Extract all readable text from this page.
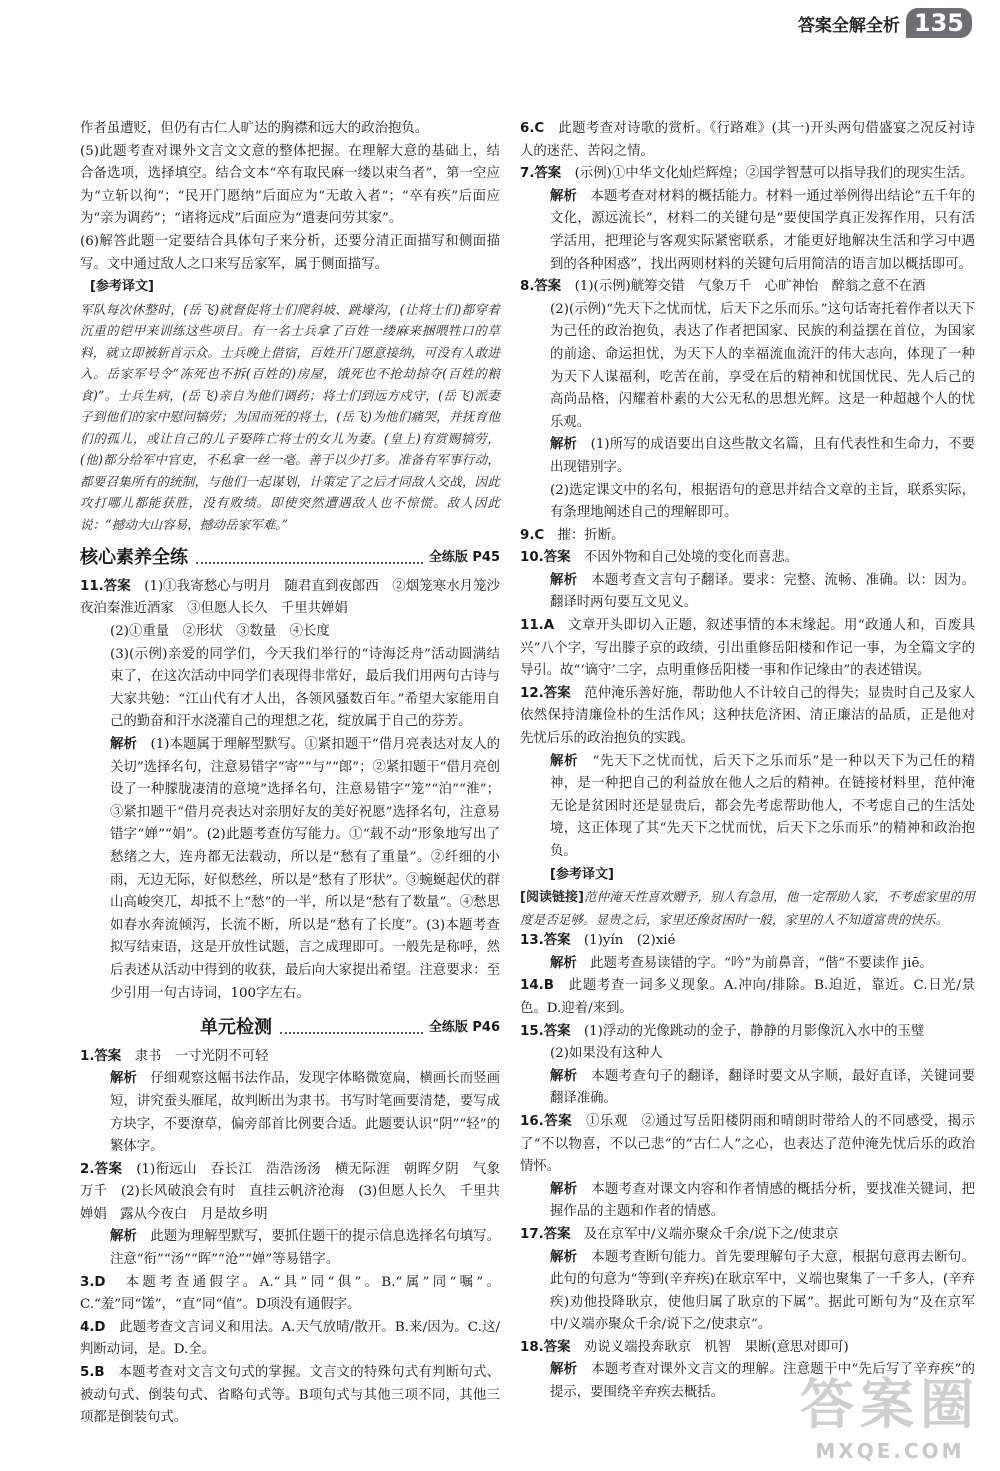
答案全解全析 135

作者虽遭贬，但仍有古仁人旷达的胸襟和远大的政治抱负。

(5)此题考查对课外文言文文意的整体把握。在理解大意的基础上，结合备选项，选择填空。结合文本“卒有取民麻一缕以束刍者”，第一空应为“立斩以徇”；“民开门愿纳”后面应为“无敢入者”；“卒有疾”后面应为“亲为调药”；“诸将远戍”后面应为“遣妻问劳其家”。

(6)解答此题一定要结合具体句子来分析，还要分清正面描写和侧面描写。文中通过敌人之口来写岳家军，属于侧面描写。

[参考译文]

军队每次休整时，(岳飞)就督促将士们爬斜坡、跳壕沟，(让将士们)都穿着沉重的铠甲来训练这些项目。有一名士兵拿了百姓一缕麻来捆喂牲口的草料，就立即被斩首示众。士兵晚上借宿，百姓开门愿意接纳，可没有人敢进入。岳家军号令“冻死也不拆(百姓的)房屋，饿死也不抢劫掠夺(百姓的粮食)”。士兵生病，(岳飞)亲自为他们调药；将士们到远方戍守，(岳飞)派妻子到他们的家中慰问犒劳；为国而死的将士，(岳飞)为他们痛哭，并抚育他们的孤儿，或让自己的儿子娶阵亡将士的女儿为妻。(皇上)有赏赐犒劳，(他)都分给军中官吏，不私拿一丝一毫。善于以少打多。准备有军事行动，都要召集所有的统制，与他们一起谋划，计策定了之后才同敌人交战，因此攻打哪儿都能获胜，没有败绩。即使突然遭遇敌人也不惊慌。敌人因此说：“撼动大山容易，撼动岳家军难。”

核心素养全练	全练版 P45

11.答案　 (1)①我寄愁心与明月　随君直到夜郎西　②烟笼寒水月笼沙　夜泊秦淮近酒家　③但愿人长久　千里共婵娟

(2)①重量　②形状　③数量　④长度

(3)(示例)亲爱的同学们，今天我们举行的“诗海泛舟”活动圆满结束了，在这次活动中同学们表现得非常好，最后我们用两句古诗与大家共勉：“江山代有才人出，各领风骚数百年。”希望大家能用自己的勤奋和汗水浇灌自己的理想之花，绽放属于自己的芬芳。

解析　 (1)本题属于理解型默写。①紧扣题干“借月亮表达对友人的关切”选择名句，注意易错字“寄”“与”“郎”；②紧扣题干“借月亮创设了一种朦胧凄清的意境”选择名句，注意易错字“笼”“泊”“淮”；③紧扣题干“借月亮表达对亲朋好友的美好祝愿”选择名句，注意易错字“婵”“娟”。(2)此题考查仿写能力。①“载不动”形象地写出了愁绪之大，连舟都无法载动，所以是“愁有了重量”。②纤细的小雨，无边无际，好似愁丝，所以是“愁有了形状”。③蜿蜒起伏的群山高峻突兀，却抵不上“愁”的一半，所以是“愁有了数量”。④愁思如春水奔流倾泻，长流不断，所以是“愁有了长度”。(3)本题考查拟写结束语，这是开放性试题，言之成理即可。一般先是称呼，然后表述从活动中得到的收获，最后向大家提出希望。注意要求：至少引用一句古诗词，100字左右。

单元检测	全练版 P46

1.答案　 隶书　一寸光阴不可轻

解析　 仔细观察这幅书法作品，发现字体略微宽扁，横画长而竖画短，讲究蚕头雁尾，故判断出为隶书。书写时笔画要清楚，要写成方块字，不要潦草，偏旁部首比例要合适。此题要认识“阴”“轻”的繁体字。

2.答案　 (1)衔远山　吞长江　浩浩汤汤　横无际涯　朝晖夕阴　气象万千　(2)长风破浪会有时　直挂云帆济沧海　(3)但愿人长久　千里共婵娟　露从今夜白　月是故乡明

解析　 此题为理解型默写，要抓住题干的提示信息选择名句填写。注意“衔”“汤”“晖”“沧”“婵”等易错字。

3.D　 本题考查通假字。A.“具”同“俱”。B.“属”同“嘱”。C.“羞”同“馐”，“直”同“值”。D项没有通假字。

4.D　 此题考查文言词义和用法。A.天气放晴/散开。B.来/因为。C.这/判断动词，是。D.全。

5.B　 本题考查对文言文句式的掌握。文言文的特殊句式有判断句式、被动句式、倒装句式、省略句式等。B项句式与其他三项不同，其他三项都是倒装句式。

6.C　 此题考查对诗歌的赏析。《行路难》(其一)开头两句借盛宴之况反衬诗人的迷茫、苦闷之情。

7.答案　 (示例)①中华文化灿烂辉煌；②国学智慧可以指导我们的现实生活。

解析　 本题考查对材料的概括能力。材料一通过举例得出结论“五千年的文化，源远流长”，材料二的关键句是“要使国学真正发挥作用，只有活学活用，把理论与客观实际紧密联系，才能更好地解决生活和学习中遇到的各种困惑”，找出两则材料的关键句后用简洁的语言加以概括即可。

8.答案　 (1)(示例)觥筹交错　气象万千　心旷神怡　醉翁之意不在酒

(2)(示例)“先天下之忧而忧，后天下之乐而乐。”这句话寄托着作者以天下为己任的政治抱负，表达了作者把国家、民族的利益摆在首位，为国家的前途、命运担忧，为天下人的幸福流血流汗的伟大志向，体现了一种为天下人谋福利，吃苦在前，享受在后的精神和忧国忧民、先人后己的高尚品格，闪耀着朴素的大公无私的思想光辉。这是一种超越个人的忧乐观。

解析　 (1)所写的成语要出自这些散文名篇，且有代表性和生命力，不要出现错别字。

(2)选定课文中的名句，根据语句的意思并结合文章的主旨，联系实际，有条理地阐述自己的理解即可。

9.C　 摧：折断。

10.答案　 不因外物和自己处境的变化而喜悲。

解析　 本题考查文言句子翻译。要求：完整、流畅、准确。以：因为。翻译时两句要互文见义。

11.A　 文章开头即切入正题，叙述事情的本末缘起。用“政通人和，百废具兴”八个字，写出滕子京的政绩，引出重修岳阳楼和作记一事，为全篇文字的导引。故“‘谪守’二字，点明重修岳阳楼一事和作记缘由”的表述错误。

12.答案　 范仲淹乐善好施，帮助他人不计较自己的得失；显贵时自己及家人依然保持清廉俭朴的生活作风；这种扶危济困、清正廉洁的品质，正是他对先忧后乐的政治抱负的实践。

解析　 “先天下之忧而忧，后天下之乐而乐”是一种以天下为己任的精神，是一种把自己的利益放在他人之后的精神。在链接材料里，范仲淹无论是贫困时还是显贵后，都会先考虑帮助他人，不考虑自己的生活处境，这正体现了其“先天下之忧而忧，后天下之乐而乐”的精神和政治抱负。

[参考译文]

[阅读链接]范仲淹天性喜欢赠予，别人有急用，他一定帮助人家，不考虑家里的用度是否足够。显贵之后，家里还像贫困时一般，家里的人不知道富贵的快乐。

13.答案　 (1)yín　(2)xié

解析　 此题考查易读错的字。“吟”为前鼻音，“偕”不要读作 jiē。

14.B　 此题考查一词多义现象。A.冲向/排除。B.迫近，靠近。C.日光/景色。D.迎着/来到。

15.答案　 (1)浮动的光像跳动的金子，静静的月影像沉入水中的玉璧

(2)如果没有这种人

解析　 本题考查句子的翻译，翻译时要文从字顺，最好直译，关键词要翻译准确。

16.答案　 ①乐观　②通过写岳阳楼阴雨和晴朗时带给人的不同感受，揭示了“不以物喜，不以己悲”的“古仁人”之心，也表达了范仲淹先忧后乐的政治情怀。

解析　 本题考查对课文内容和作者情感的概括分析，要找准关键词，把握作品的主题和作者的情感。

17.答案　 及在京军中/义端亦聚众千余/说下之/使隶京

解析　 本题考查断句能力。首先要理解句子大意，根据句意再去断句。此句的句意为“等到(辛弃疾)在耿京军中，义端也聚集了一千多人，(辛弃疾)劝他投降耿京，使他归属了耿京的下属”。据此可断句为“及在京军中/义端亦聚众千余/说下之/使隶京”。

18.答案　 劝说义端投奔耿京　机智　果断(意思对即可)

解析　 本题考查对课外文言文的理解。注意题干中“先后写了辛弃疾”的提示，要围绕辛弃疾去概括。	答案圈
MXQE.COM
